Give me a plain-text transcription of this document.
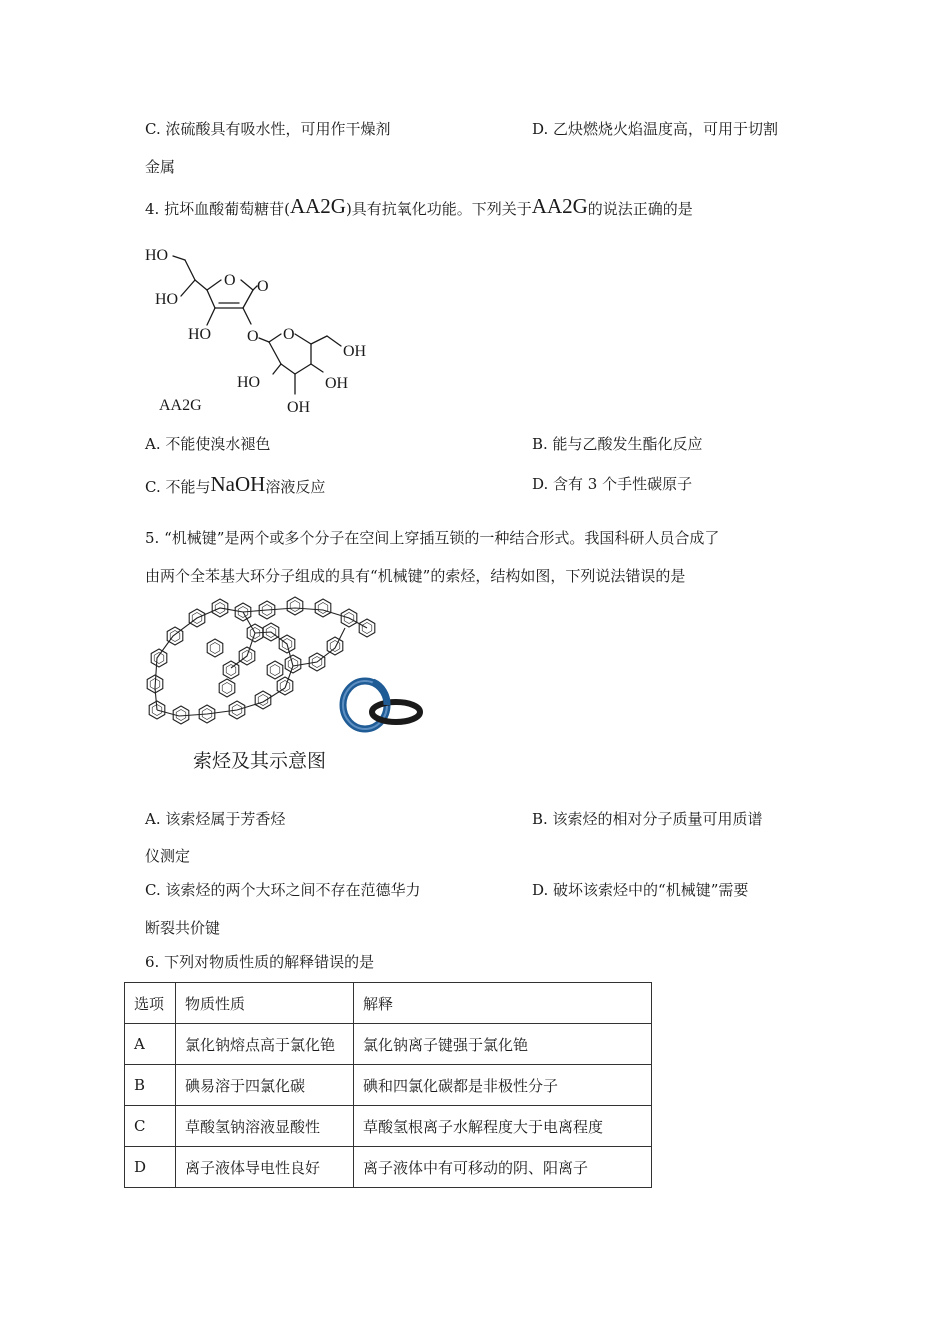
C. 浓硫酸具有吸水性，可用作干燥剂	D. 乙炔燃烧火焰温度高，可用于切割
金属
4. 抗坏血酸葡萄糖苷(AA2G)具有抗氧化功能。下列关于AA2G的说法正确的是
HO
HO
O O
HO O O
OH
HO	OH
OH
AA2G
A. 不能使溴水褪色	B. 能与乙酸发生酯化反应
C. 不能与NaOH溶液反应	D. 含有 3 个手性碳原子
5. “机械键”是两个或多个分子在空间上穿插互锁的一种结合形式。我国科研人员合成了
由两个全苯基大环分子组成的具有“机械键”的索烃，结构如图，下列说法错误的是
索烃及其示意图
A. 该索烃属于芳香烃	B. 该索烃的相对分子质量可用质谱
仪测定
C. 该索烃的两个大环之间不存在范德华力	D. 破坏该索烃中的“机械键”需要
断裂共价键
6. 下列对物质性质的解释错误的是
选项	物质性质	解释
A	氯化钠熔点高于氯化铯	氯化钠离子键强于氯化铯
B	碘易溶于四氯化碳	碘和四氯化碳都是非极性分子
C	草酸氢钠溶液显酸性	草酸氢根离子水解程度大于电离程度
D	离子液体导电性良好	离子液体中有可移动的阴、阳离子
